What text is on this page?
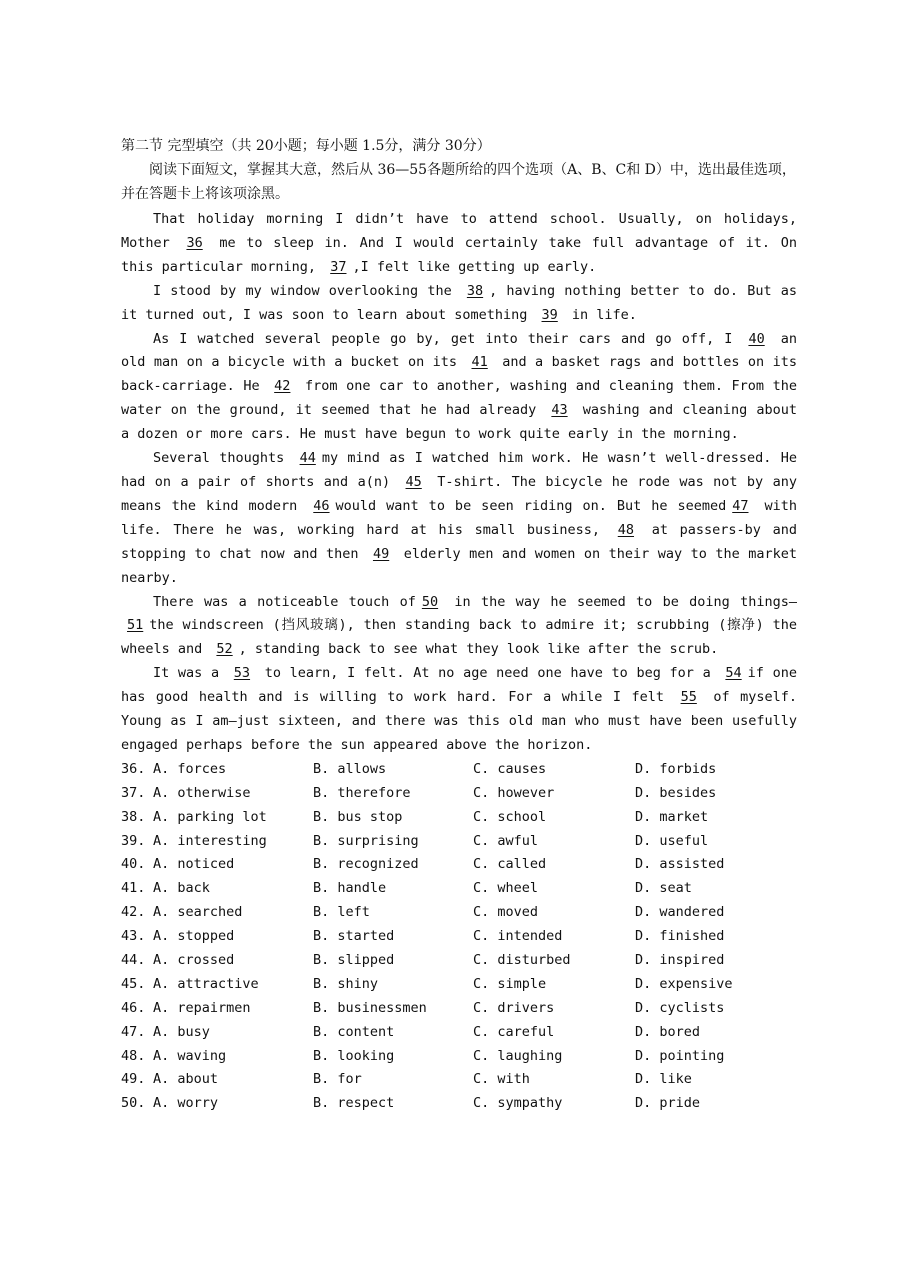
第二节 完型填空（共 20小题；每小题 1.5分，满分 30分）
阅读下面短文，掌握其大意，然后从 36—55各题所给的四个选项（A、B、C和 D）中，选出最佳选项，并在答题卡上将该项涂黑。

That holiday morning I didn’t have to attend school. Usually, on holidays, Mother 36 me to sleep in. And I would certainly take full advantage of it. On this particular morning, 37 ,I felt like getting up early.

I stood by my window overlooking the 38 , having nothing better to do. But as it turned out, I was soon to learn about something 39 in life.

As I watched several people go by, get into their cars and go off, I 40 an old man on a bicycle with a bucket on its 41 and a basket rags and bottles on its back-carriage. He 42 from one car to another, washing and cleaning them. From the water on the ground, it seemed that he had already 43 washing and cleaning about a dozen or more cars. He must have begun to work quite early in the morning.

Several thoughts 44 my mind as I watched him work. He wasn’t well-dressed. He had on a pair of shorts and a(n) 45 T-shirt. The bicycle he rode was not by any means the kind modern 46 would want to be seen riding on. But he seemed 47 with life. There he was, working hard at his small business, 48 at passers-by and stopping to chat now and then 49 elderly men and women on their way to the market nearby.

There was a noticeable touch of 50 in the way he seemed to be doing things— 51 the windscreen (挡风玻璃), then standing back to admire it; scrubbing (擦净) the wheels and 52 , standing back to see what they look like after the scrub.

It was a 53 to learn, I felt. At no age need one have to beg for a 54 if one has good health and is willing to work hard. For a while I felt 55 of myself. Young as I am—just sixteen, and there was this old man who must have been usefully engaged perhaps before the sun appeared above the horizon.

36. A. forces	B. allows	C. causes	D. forbids
37. A. otherwise	B. therefore	C. however	D. besides
38. A. parking lot	B. bus stop	C. school	D. market
39. A. interesting	B. surprising	C. awful	D. useful
40. A. noticed	B. recognized	C. called	D. assisted
41. A. back	B. handle	C. wheel	D. seat
42. A. searched	B. left	C. moved	D. wandered
43. A. stopped	B. started	C. intended	D. finished
44. A. crossed	B. slipped	C. disturbed	D. inspired
45. A. attractive	B. shiny	C. simple	D. expensive
46. A. repairmen	B. businessmen	C. drivers	D. cyclists
47. A. busy	B. content	C. careful	D. bored
48. A. waving	B. looking	C. laughing	D. pointing
49. A. about	B. for	C. with	D. like
50. A. worry	B. respect	C. sympathy	D. pride
